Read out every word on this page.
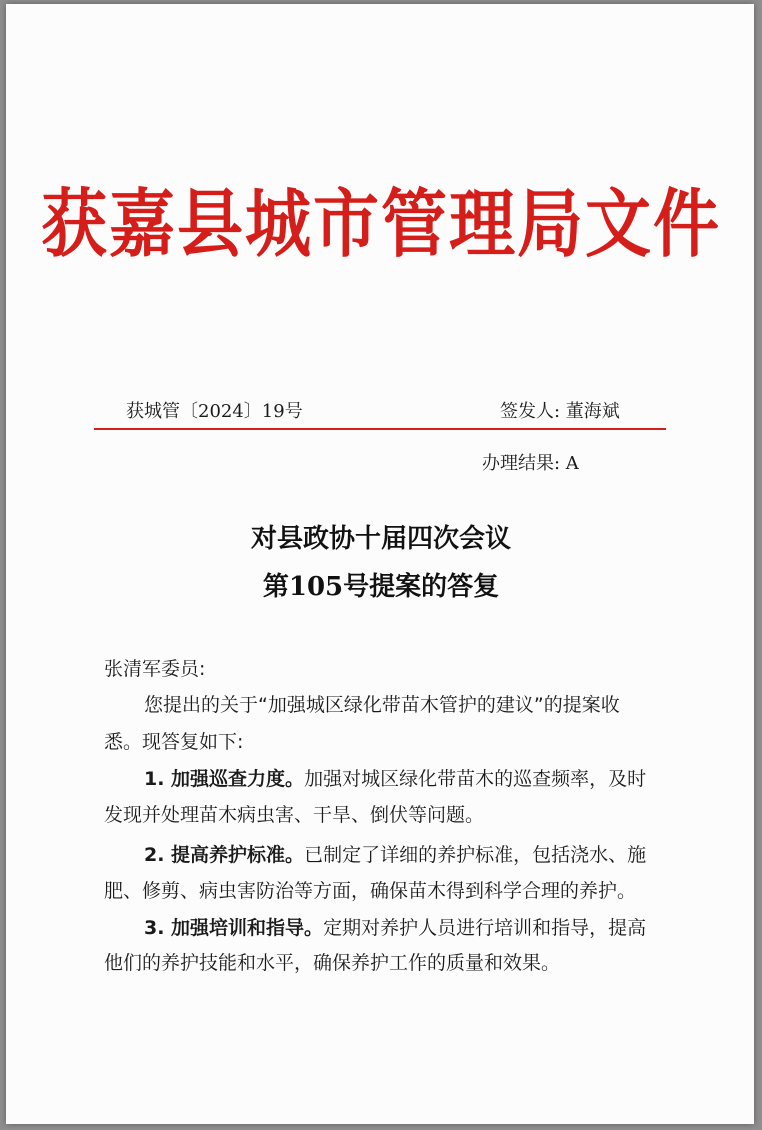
获嘉县城市管理局文件
获城管〔2024〕19号	签发人: 董海斌
办理结果: A
对县政协十届四次会议
第105号提案的答复
张清军委员:
您提出的关于“加强城区绿化带苗木管护的建议”的提案收
悉。现答复如下:
1. 加强巡查力度。加强对城区绿化带苗木的巡查频率，及时
发现并处理苗木病虫害、干旱、倒伏等问题。
2. 提高养护标准。已制定了详细的养护标准，包括浇水、施
肥、修剪、病虫害防治等方面，确保苗木得到科学合理的养护。
3. 加强培训和指导。定期对养护人员进行培训和指导，提高
他们的养护技能和水平，确保养护工作的质量和效果。
